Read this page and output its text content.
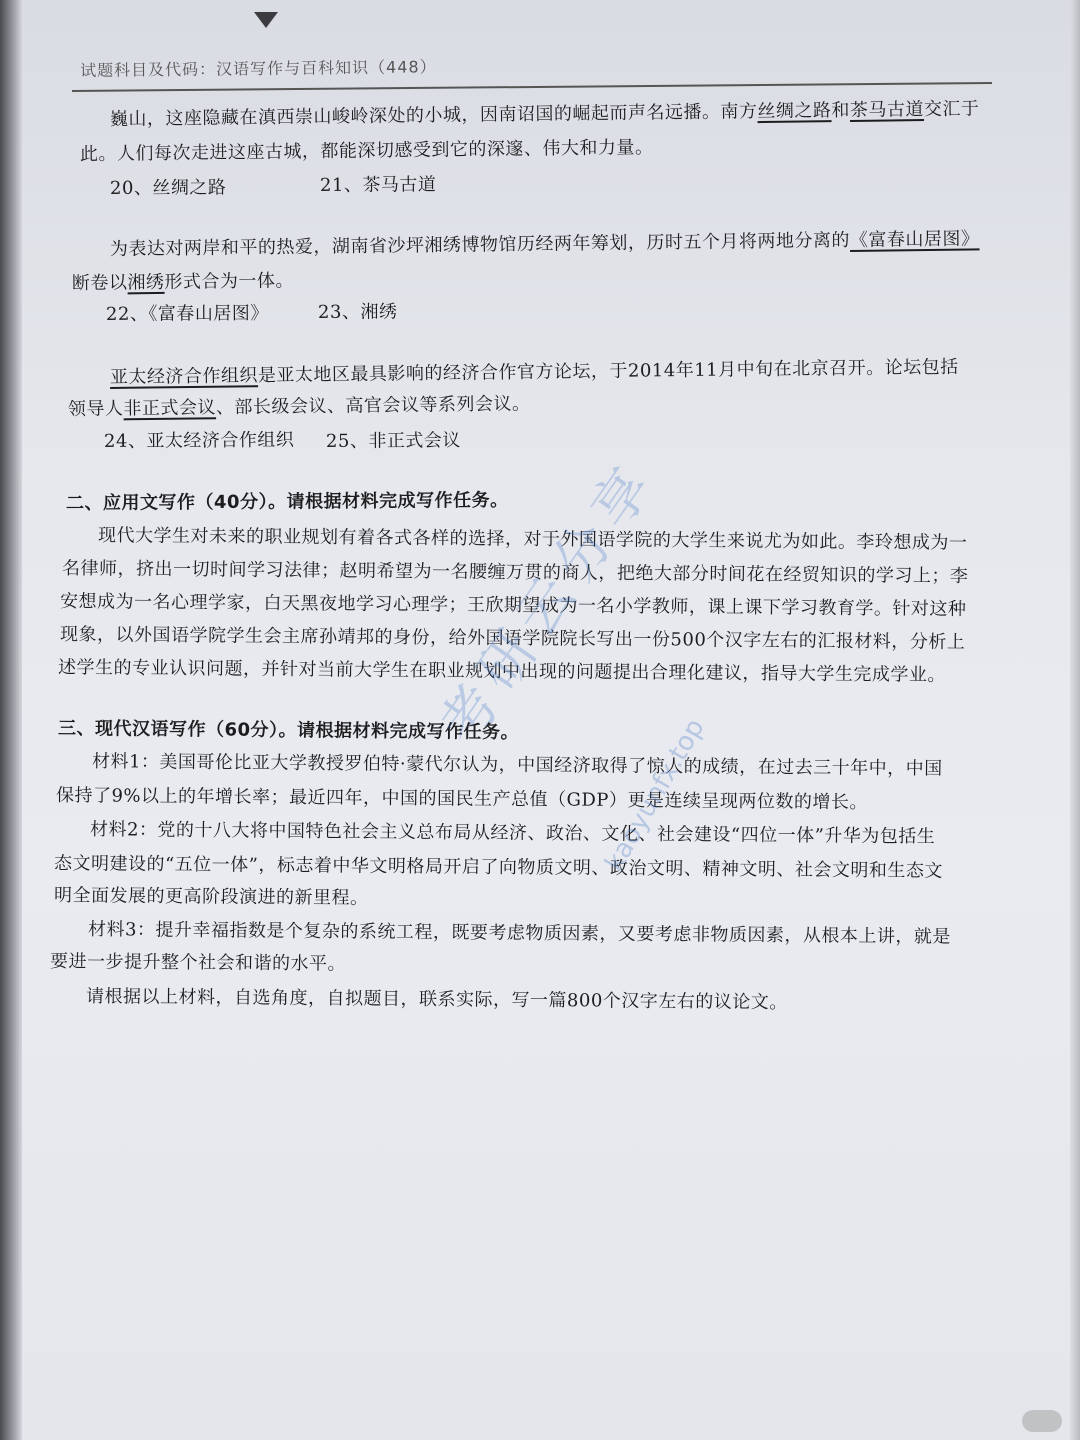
试题科目及代码：汉语写作与百科知识（448）
巍山，这座隐藏在滇西崇山峻岭深处的小城，因南诏国的崛起而声名远播。南方丝绸之路和茶马古道交汇于
此。人们每次走进这座古城，都能深切感受到它的深邃、伟大和力量。
20、丝绸之路	21、茶马古道
为表达对两岸和平的热爱，湖南省沙坪湘绣博物馆历经两年筹划，历时五个月将两地分离的《富春山居图》
断卷以湘绣形式合为一体。
22、《富春山居图》	23、湘绣
亚太经济合作组织是亚太地区最具影响的经济合作官方论坛，于2014年11月中旬在北京召开。论坛包括
领导人非正式会议、部长级会议、高官会议等系列会议。
24、亚太经济合作组织 25、非正式会议
二、应用文写作（40分）。请根据材料完成写作任务。
现代大学生对未来的职业规划有着各式各样的选择，对于外国语学院的大学生来说尤为如此。李玲想成为一
名律师，挤出一切时间学习法律；赵明希望为一名腰缠万贯的商人，把绝大部分时间花在经贸知识的学习上；李
安想成为一名心理学家，白天黑夜地学习心理学；王欣期望成为一名小学教师，课上课下学习教育学。针对这种
现象，以外国语学院学生会主席孙靖邦的身份，给外国语学院院长写出一份500个汉字左右的汇报材料，分析上
述学生的专业认识问题，并针对当前大学生在职业规划中出现的问题提出合理化建议，指导大学生完成学业。
三、现代汉语写作（60分）。请根据材料完成写作任务。
材料1：美国哥伦比亚大学教授罗伯特·蒙代尔认为，中国经济取得了惊人的成绩，在过去三十年中，中国
保持了9%以上的年增长率；最近四年，中国的国民生产总值（GDP）更是连续呈现两位数的增长。
材料2：党的十八大将中国特色社会主义总布局从经济、政治、文化、社会建设“四位一体”升华为包括生
态文明建设的“五位一体”，标志着中华文明格局开启了向物质文明、政治文明、精神文明、社会文明和生态文
明全面发展的更高阶段演进的新里程。
材料3：提升幸福指数是个复杂的系统工程，既要考虑物质因素，又要考虑非物质因素，从根本上讲，就是
要进一步提升整个社会和谐的水平。
请根据以上材料，自选角度，自拟题目，联系实际，写一篇800个汉字左右的议论文。
考研云分享
kaoyunfx.top
